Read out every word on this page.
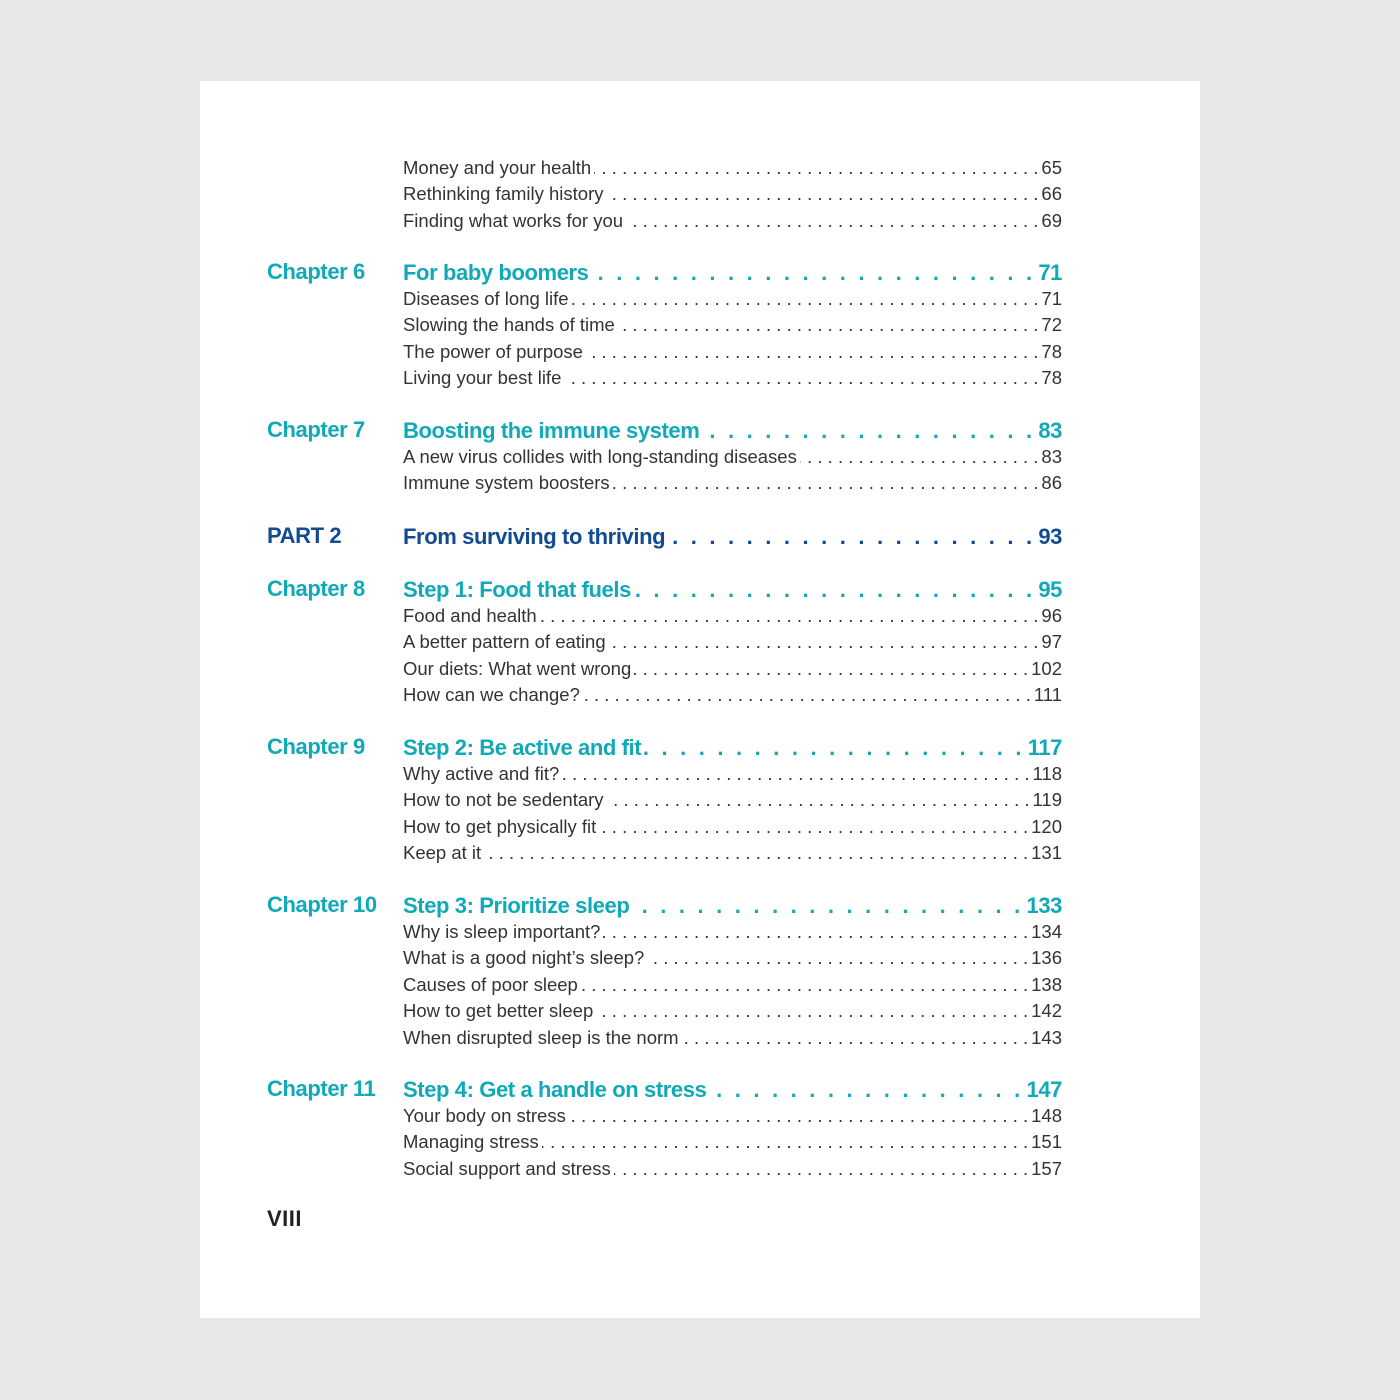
Money and your health . . .	65
Rethinking family history . . .	66
Finding what works for you . . .	69
Chapter 6 For baby boomers . . .	71
Diseases of long life . . .	71
Slowing the hands of time . . .	72
The power of purpose . . .	78
Living your best life . . .	78
Chapter 7 Boosting the immune system . . .	83
A new virus collides with long-standing diseases . . .	83
Immune system boosters . . .	86
PART 2	From surviving to thriving . . .	93
Chapter 8 Step 1: Food that fuels . . .	95
Food and health . . .	96
A better pattern of eating . . .	97
Our diets: What went wrong . . .	102
How can we change? . . .	111
Chapter 9 Step 2: Be active and fit . . .	117
Why active and fit? . . .	118
How to not be sedentary . . .	119
How to get physically fit . . .	120
Keep at it . . .	131
Chapter 10 Step 3: Prioritize sleep . . .	133
Why is sleep important? . . .	134
What is a good night’s sleep? . . .	136
Causes of poor sleep . . .	138
How to get better sleep . . .	142
When disrupted sleep is the norm . . .	143
Chapter 11 Step 4: Get a handle on stress . . .	147
Your body on stress . . .	148
Managing stress . . .	151
Social support and stress . . .	157
VIII
